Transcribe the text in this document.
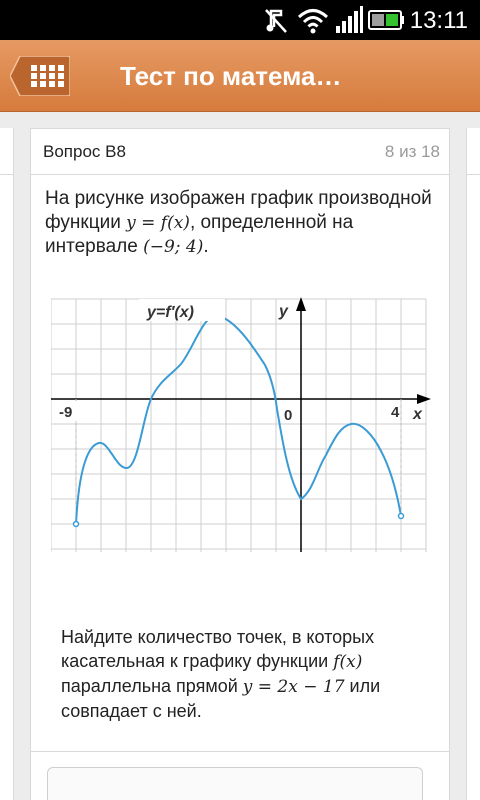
13:11
Тест по матема…
Вопрос B8	8 из 18
На рисунке изображен график производной функции y = f(x), определенной на интервале (−9; 4).
y=f′(x)	y
x
0
-9	4
Найдите количество точек, в которых касательная к графику функции f(x) параллельна прямой y = 2x − 17 или совпадает с ней.
